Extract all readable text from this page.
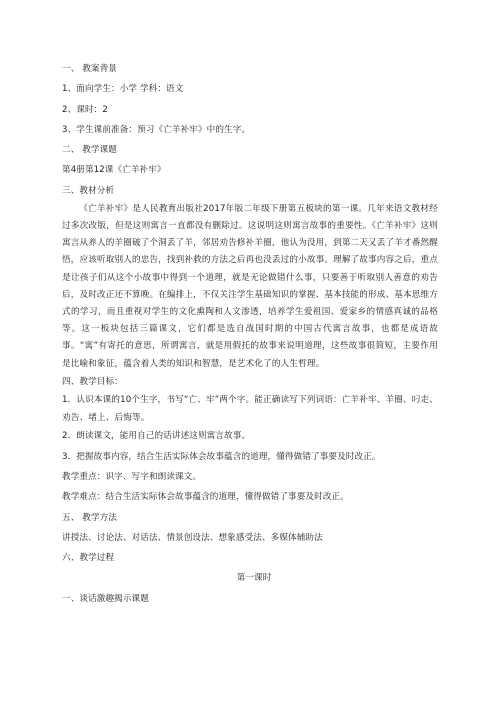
一、 教案背景
1、面向学生：小学 学科：语文
2、课时：2
3、学生课前准备：预习《亡羊补牢》中的生字。
二、 教学课题
第4册第12课《亡羊补牢》
三、教材分析
《亡羊补牢》是人民教育出版社2017年版二年级下册第五板块的第一课。几年来语文教材经过多次改版，但是这则寓言一直都没有删除过。这说明这则寓言故事的重要性。《亡羊补牢》这则寓言从养人的羊圈破了个洞丢了羊，邻居劝告修补羊圈，他认为没用，到第二天又丢了羊才番然醒悟，应该听取别人的忠告，找到补救的方法之后再也没丢过的小故事。理解了故事内容之后，重点是让孩子们从这个小故事中得到一个道理，就是无论做错什么事，只要善于听取别人善意的劝告后，及时改正还不算晚。在编排上，不仅关注学生基础知识的掌握、基本技能的形成、基本思维方式的学习，而且重视对学生的文化熏陶和人文渗透，培养学生爱祖国、爱家乡的情感真诚的品格等。这一板块包括三篇课文，它们都是选自战国时期的中国古代寓言故事，也都是成语故事。“寓”有寄托的意思，所谓寓言，就是用假托的故事来说明道理，这些故事很简短，主要作用是比喻和象征，蕴含着人类的知识和智慧，是艺术化了的人生哲理。
四、教学目标：
1．认识本课的10个生字，书写“亡、牢”两个字。能正确读写下列词语：亡羊补牢、羊圈、叼走、劝告、堵上、后悔等。
2．朗读课文，能用自己的话讲述这则寓言故事。
3．把握故事内容，结合生活实际体会故事蕴含的道理，懂得做错了事要及时改正。
教学重点：识字、写字和朗读课文。
教学难点：结合生活实际体会故事蕴含的道理，懂得做错了事要及时改正。
五、 教学方法
讲授法、讨论法、对话法、情景创设法、想象感受法、多媒体辅助法
六、教学过程
第一课时
一、谈话激趣揭示课题
